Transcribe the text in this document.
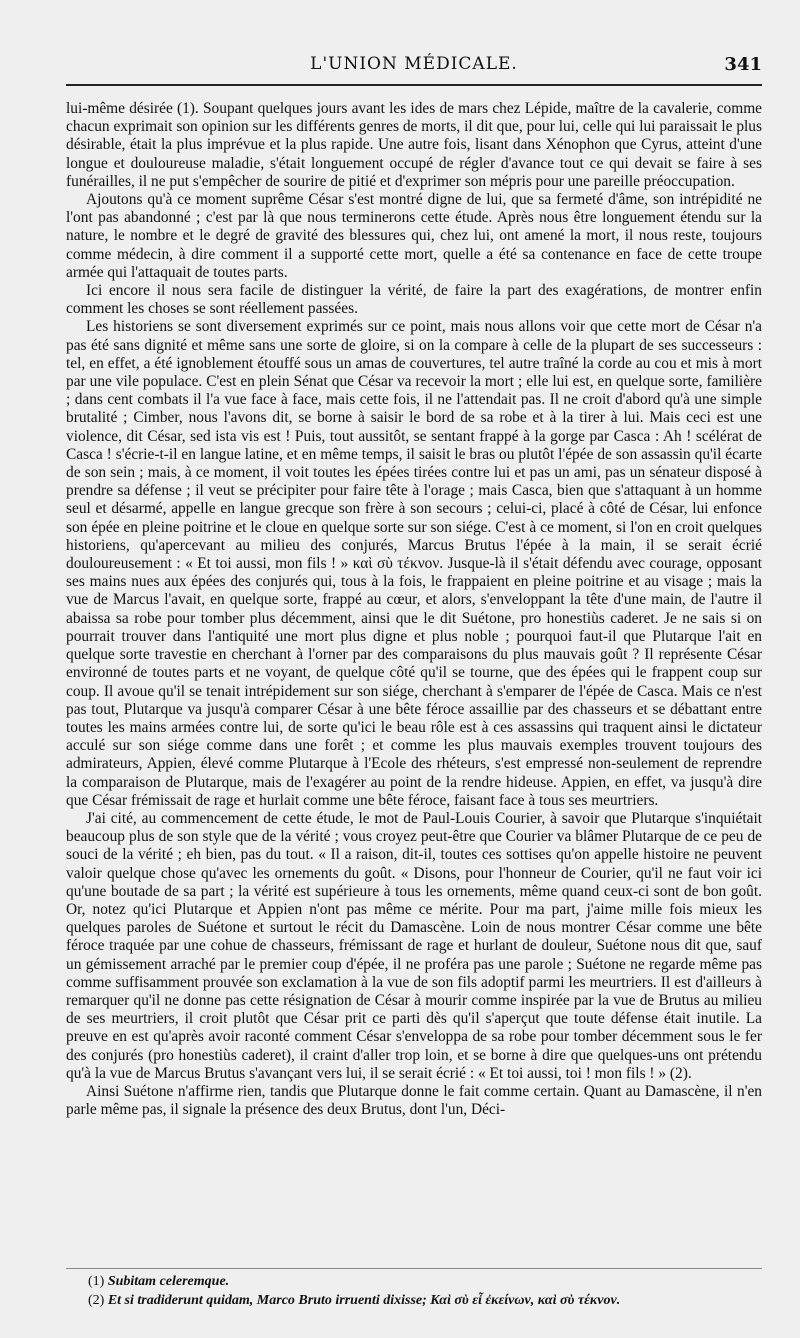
L'UNION MÉDICALE.	341

lui-même désirée (1). Soupant quelques jours avant les ides de mars chez Lépide, maître de la cavalerie, comme chacun exprimait son opinion sur les différents genres de morts, il dit que, pour lui, celle qui lui paraissait le plus désirable, était la plus imprévue et la plus rapide. Une autre fois, lisant dans Xénophon que Cyrus, atteint d'une longue et douloureuse maladie, s'était longuement occupé de régler d'avance tout ce qui devait se faire à ses funérailles, il ne put s'empêcher de sourire de pitié et d'exprimer son mépris pour une pareille préoccupation.

Ajoutons qu'à ce moment suprême César s'est montré digne de lui, que sa fermeté d'âme, son intrépidité ne l'ont pas abandonné ; c'est par là que nous terminerons cette étude. Après nous être longuement étendu sur la nature, le nombre et le degré de gravité des blessures qui, chez lui, ont amené la mort, il nous reste, toujours comme médecin, à dire comment il a supporté cette mort, quelle a été sa contenance en face de cette troupe armée qui l'attaquait de toutes parts.

Ici encore il nous sera facile de distinguer la vérité, de faire la part des exagérations, de montrer enfin comment les choses se sont réellement passées.

Les historiens se sont diversement exprimés sur ce point, mais nous allons voir que cette mort de César n'a pas été sans dignité et même sans une sorte de gloire, si on la compare à celle de la plupart de ses successeurs : tel, en effet, a été ignoblement étouffé sous un amas de couvertures, tel autre traîné la corde au cou et mis à mort par une vile populace. C'est en plein Sénat que César va recevoir la mort ; elle lui est, en quelque sorte, familière ; dans cent combats il l'a vue face à face, mais cette fois, il ne l'attendait pas. Il ne croit d'abord qu'à une simple brutalité ; Cimber, nous l'avons dit, se borne à saisir le bord de sa robe et à la tirer à lui. Mais ceci est une violence, dit César, sed ista vis est ! Puis, tout aussitôt, se sentant frappé à la gorge par Casca : Ah ! scélérat de Casca ! s'écrie-t-il en langue latine, et en même temps, il saisit le bras ou plutôt l'épée de son assassin qu'il écarte de son sein ; mais, à ce moment, il voit toutes les épées tirées contre lui et pas un ami, pas un sénateur disposé à prendre sa défense ; il veut se précipiter pour faire tête à l'orage ; mais Casca, bien que s'attaquant à un homme seul et désarmé, appelle en langue grecque son frère à son secours ; celui-ci, placé à côté de César, lui enfonce son épée en pleine poitrine et le cloue en quelque sorte sur son siége. C'est à ce moment, si l'on en croit quelques historiens, qu'apercevant au milieu des conjurés, Marcus Brutus l'épée à la main, il se serait écrié douloureusement : « Et toi aussi, mon fils ! » καὶ σὺ τέκνον. Jusque-là il s'était défendu avec courage, opposant ses mains nues aux épées des conjurés qui, tous à la fois, le frappaient en pleine poitrine et au visage ; mais la vue de Marcus l'avait, en quelque sorte, frappé au cœur, et alors, s'enveloppant la tête d'une main, de l'autre il abaissa sa robe pour tomber plus décemment, ainsi que le dit Suétone, pro honestiùs caderet. Je ne sais si on pourrait trouver dans l'antiquité une mort plus digne et plus noble ; pourquoi faut-il que Plutarque l'ait en quelque sorte travestie en cherchant à l'orner par des comparaisons du plus mauvais goût ? Il représente César environné de toutes parts et ne voyant, de quelque côté qu'il se tourne, que des épées qui le frappent coup sur coup. Il avoue qu'il se tenait intrépidement sur son siége, cherchant à s'emparer de l'épée de Casca. Mais ce n'est pas tout, Plutarque va jusqu'à comparer César à une bête féroce assaillie par des chasseurs et se débattant entre toutes les mains armées contre lui, de sorte qu'ici le beau rôle est à ces assassins qui traquent ainsi le dictateur acculé sur son siége comme dans une forêt ; et comme les plus mauvais exemples trouvent toujours des admirateurs, Appien, élevé comme Plutarque à l'Ecole des rhéteurs, s'est empressé non-seulement de reprendre la comparaison de Plutarque, mais de l'exagérer au point de la rendre hideuse. Appien, en effet, va jusqu'à dire que César frémissait de rage et hurlait comme une bête féroce, faisant face à tous ses meurtriers.

J'ai cité, au commencement de cette étude, le mot de Paul-Louis Courier, à savoir que Plutarque s'inquiétait beaucoup plus de son style que de la vérité ; vous croyez peut-être que Courier va blâmer Plutarque de ce peu de souci de la vérité ; eh bien, pas du tout. « Il a raison, dit-il, toutes ces sottises qu'on appelle histoire ne peuvent valoir quelque chose qu'avec les ornements du goût. « Disons, pour l'honneur de Courier, qu'il ne faut voir ici qu'une boutade de sa part ; la vérité est supérieure à tous les ornements, même quand ceux-ci sont de bon goût. Or, notez qu'ici Plutarque et Appien n'ont pas même ce mérite. Pour ma part, j'aime mille fois mieux les quelques paroles de Suétone et surtout le récit du Damascène. Loin de nous montrer César comme une bête féroce traquée par une cohue de chasseurs, frémissant de rage et hurlant de douleur, Suétone nous dit que, sauf un gémissement arraché par le premier coup d'épée, il ne proféra pas une parole ; Suétone ne regarde même pas comme suffisamment prouvée son exclamation à la vue de son fils adoptif parmi les meurtriers. Il est d'ailleurs à remarquer qu'il ne donne pas cette résignation de César à mourir comme inspirée par la vue de Brutus au milieu de ses meurtriers, il croit plutôt que César prit ce parti dès qu'il s'aperçut que toute défense était inutile. La preuve en est qu'après avoir raconté comment César s'enveloppa de sa robe pour tomber décemment sous le fer des conjurés (pro honestiùs caderet), il craint d'aller trop loin, et se borne à dire que quelques-uns ont prétendu qu'à la vue de Marcus Brutus s'avançant vers lui, il se serait écrié : « Et toi aussi, toi ! mon fils ! » (2).

Ainsi Suétone n'affirme rien, tandis que Plutarque donne le fait comme certain. Quant au Damascène, il n'en parle même pas, il signale la présence des deux Brutus, dont l'un, Déci-

(1) Subitam celeremque.
(2) Et si tradiderunt quidam, Marco Bruto irruenti dixisse; Καὶ σὺ εἶ ἐκείνων, καὶ σὺ τέκνον.
